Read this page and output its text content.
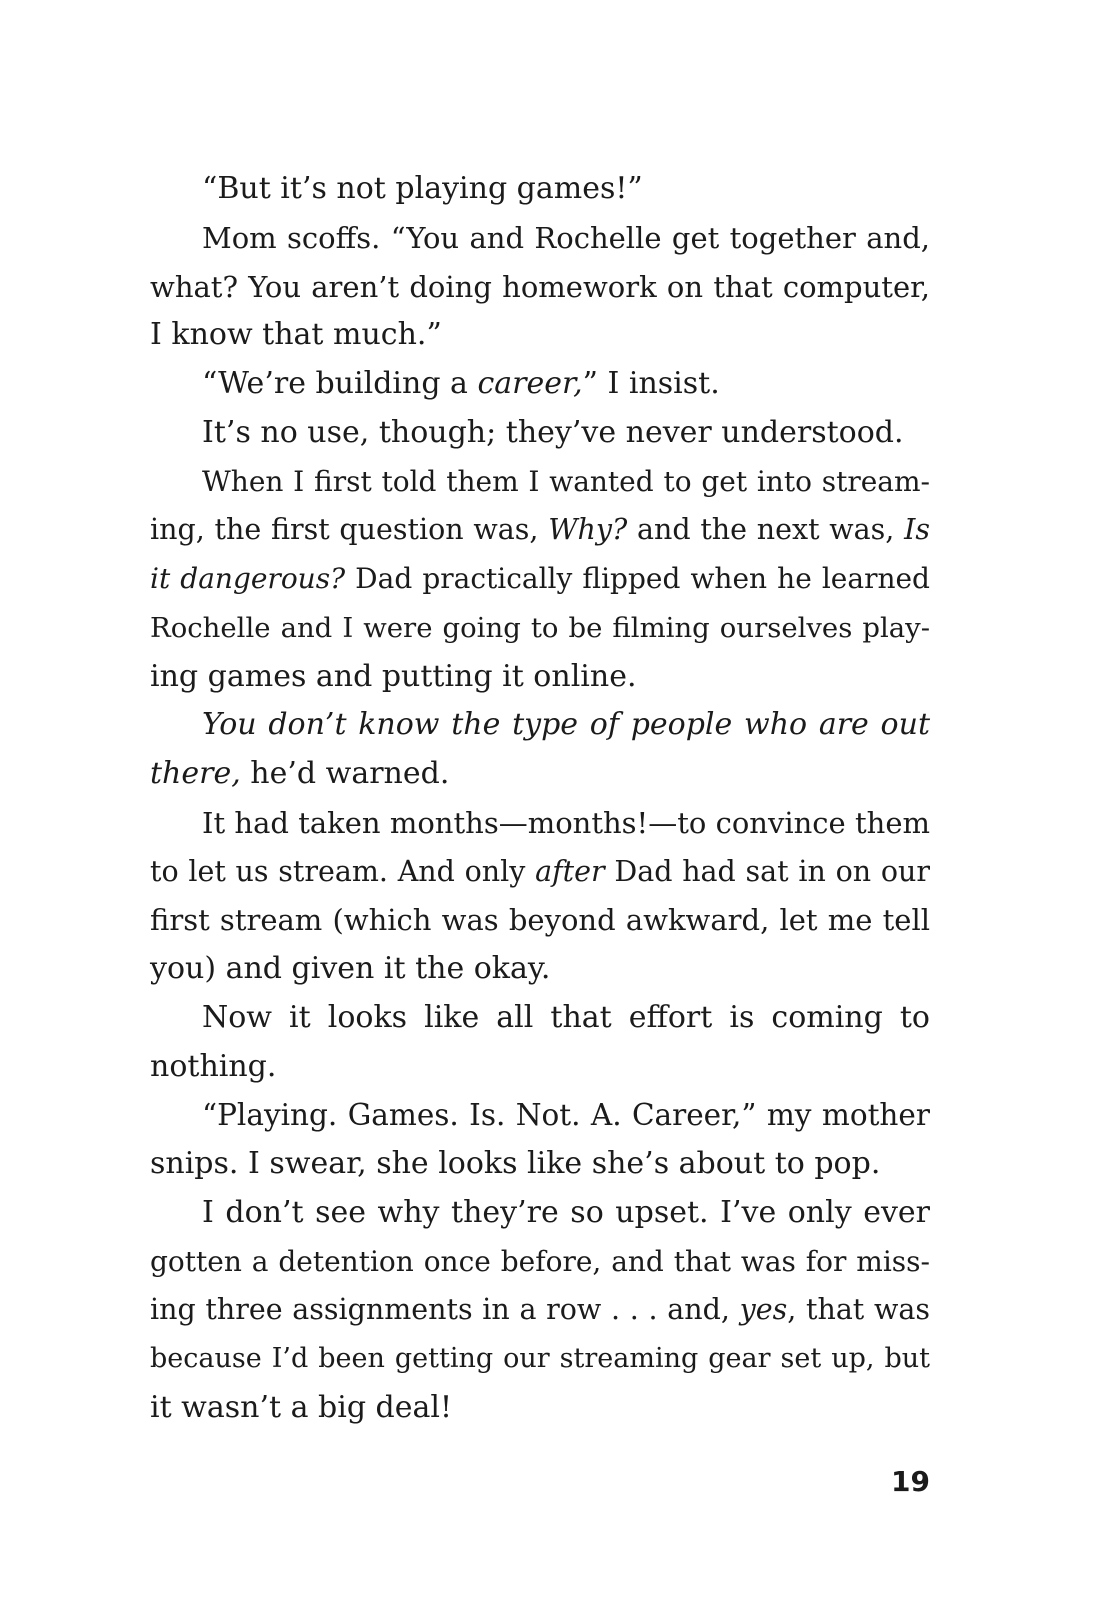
“But it’s not playing games!”
Mom scoffs. “You and Rochelle get together and,
what? You aren’t doing homework on that computer,
I know that much.”
“We’re building a career,” I insist.
It’s no use, though; they’ve never understood.
When I first told them I wanted to get into stream-
ing, the first question was, Why? and the next was, Is
it dangerous? Dad practically flipped when he learned
Rochelle and I were going to be filming ourselves play-
ing games and putting it online.
You don’t know the type of people who are out
there, he’d warned.
It had taken months—months!—to convince them
to let us stream. And only after Dad had sat in on our
first stream (which was beyond awkward, let me tell
you) and given it the okay.
Now it looks like all that effort is coming to
nothing.
“Playing. Games. Is. Not. A. Career,” my mother
snips. I swear, she looks like she’s about to pop.
I don’t see why they’re so upset. I’ve only ever
gotten a detention once before, and that was for miss-
ing three assignments in a row . . . and, yes, that was
because I’d been getting our streaming gear set up, but
it wasn’t a big deal!
19
